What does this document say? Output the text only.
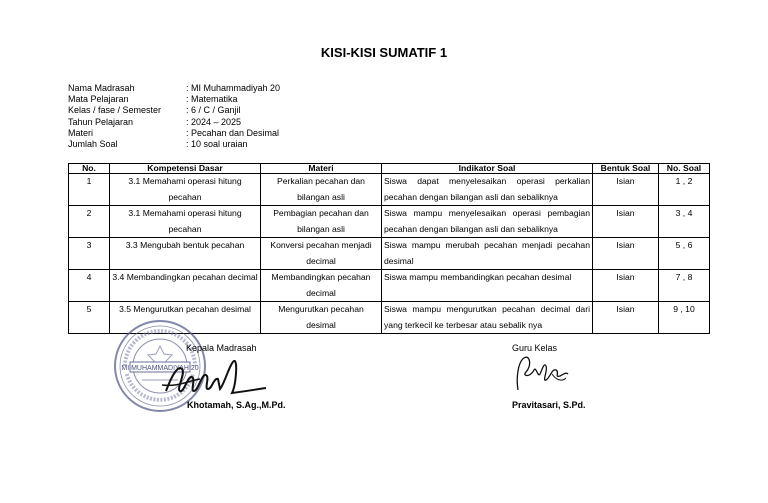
KISI-KISI SUMATIF 1
Nama Madrasah	: MI Muhammadiyah 20
Mata Pelajaran	: Matematika
Kelas / fase / Semester	: 6 / C / Ganjil
Tahun Pelajaran	: 2024 – 2025
Materi	: Pecahan dan Desimal
Jumlah Soal	: 10 soal uraian
No.	Kompetensi Dasar	Materi	Indikator Soal	Bentuk Soal	No. Soal
1	3.1 Memahami operasi hitung pecahan	Perkalian pecahan dan bilangan asli	Siswa dapat menyelesaikan operasi perkalian pecahan dengan bilangan asli dan sebaliknya	Isian	1 , 2
2	3.1 Memahami operasi hitung pecahan	Pembagian pecahan dan bilangan asli	Siswa mampu menyelesaikan operasi pembagian pecahan dengan bilangan asli dan sebaliknya	Isian	3 , 4
3	3.3 Mengubah bentuk pecahan	Konversi pecahan menjadi decimal	Siswa mampu merubah pecahan menjadi pecahan desimal	Isian	5 , 6
4	3.4 Membandingkan pecahan decimal	Membandingkan pecahan decimal	Siswa mampu membandingkan pecahan desimal	Isian	7 , 8
5	3.5 Mengurutkan pecahan desimal	Mengurutkan pecahan desimal	Siswa mampu mengurutkan pecahan decimal dari yang terkecil ke terbesar atau sebalik nya	Isian	9 , 10
MI MUHAMMADIYAH 20
Kepala Madrasah
Khotamah, S.Ag.,M.Pd.
Guru Kelas
Pravitasari, S.Pd.
